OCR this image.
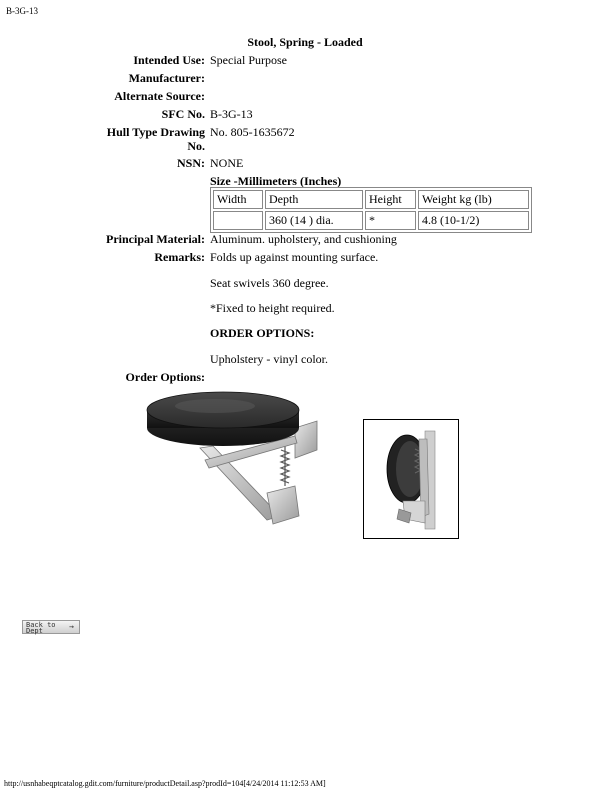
B-3G-13
Stool, Spring - Loaded
Intended Use: Special Purpose
Manufacturer:
Alternate Source:
SFC No. B-3G-13
Hull Type Drawing
No.
No. 805-1635672
NSN: NONE
Size -Millimeters (Inches)
Width	Depth	Height	Weight kg (lb)
	360 (14 ) dia.	*	4.8 (10-1/2)
Principal Material: Aluminum. upholstery, and cushioning
Remarks: Folds up against mounting surface.
Seat swivels 360 degree.
*Fixed to height required.
ORDER OPTIONS:
Upholstery - vinyl color.
Order Options:
Back to
Dept	→
http://usnhabeqptcatalog.gdit.com/furniture/productDetail.asp?prodId=104[4/24/2014 11:12:53 AM]
